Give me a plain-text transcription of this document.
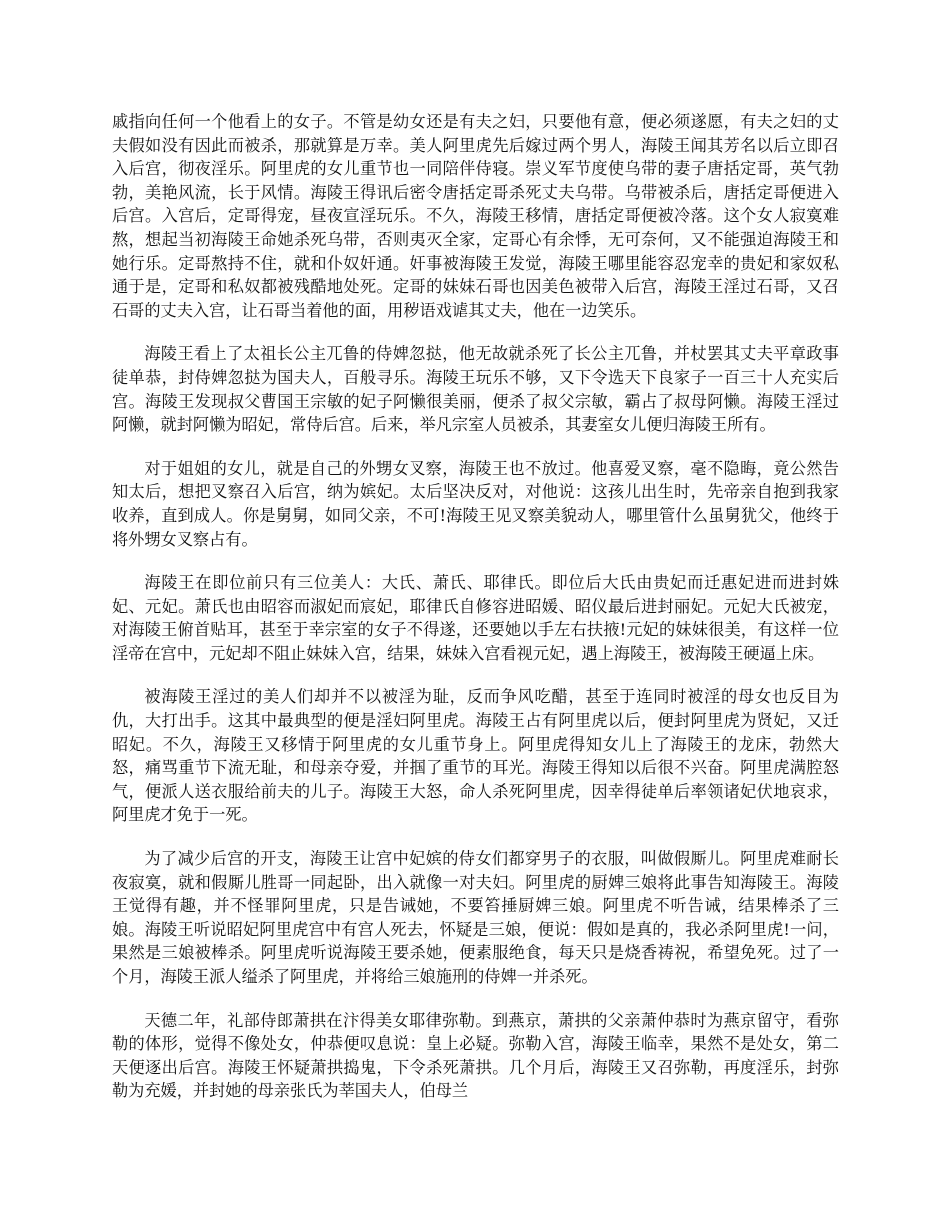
戚指向任何一个他看上的女子。不管是幼女还是有夫之妇，只要他有意，便必须遂愿，有夫之妇的丈夫假如没有因此而被杀，那就算是万幸。美人阿里虎先后嫁过两个男人，海陵王闻其芳名以后立即召入后宫，彻夜淫乐。阿里虎的女儿重节也一同陪伴侍寝。崇义军节度使乌带的妻子唐括定哥，英气勃勃，美艳风流，长于风情。海陵王得讯后密令唐括定哥杀死丈夫乌带。乌带被杀后，唐括定哥便进入后宫。入宫后，定哥得宠，昼夜宣淫玩乐。不久，海陵王移情，唐括定哥便被冷落。这个女人寂寞难熬，想起当初海陵王命她杀死乌带，否则夷灭全家，定哥心有余悸，无可奈何，又不能强迫海陵王和她行乐。定哥熬持不住，就和仆奴奸通。奸事被海陵王发觉，海陵王哪里能容忍宠幸的贵妃和家奴私通于是，定哥和私奴都被残酷地处死。定哥的妹妹石哥也因美色被带入后宫，海陵王淫过石哥，又召石哥的丈夫入宫，让石哥当着他的面，用秽语戏谑其丈夫，他在一边笑乐。

海陵王看上了太祖长公主兀鲁的侍婢忽挞，他无故就杀死了长公主兀鲁，并杖罢其丈夫平章政事徒单恭，封侍婢忽挞为国夫人，百般寻乐。海陵王玩乐不够，又下令选天下良家子一百三十人充实后宫。海陵王发现叔父曹国王宗敏的妃子阿懒很美丽，便杀了叔父宗敏，霸占了叔母阿懒。海陵王淫过阿懒，就封阿懒为昭妃，常侍后宫。后来，举凡宗室人员被杀，其妻室女儿便归海陵王所有。

对于姐姐的女儿，就是自己的外甥女叉察，海陵王也不放过。他喜爱叉察，毫不隐晦，竟公然告知太后，想把叉察召入后宫，纳为嫔妃。太后坚决反对，对他说：这孩儿出生时，先帝亲自抱到我家收养，直到成人。你是舅舅，如同父亲，不可!海陵王见叉察美貌动人，哪里管什么虽舅犹父，他终于将外甥女叉察占有。

海陵王在即位前只有三位美人：大氏、萧氏、耶律氏。即位后大氏由贵妃而迁惠妃进而进封姝妃、元妃。萧氏也由昭容而淑妃而宸妃，耶律氏自修容进昭媛、昭仪最后进封丽妃。元妃大氏被宠，对海陵王俯首贴耳，甚至于幸宗室的女子不得遂，还要她以手左右扶掖!元妃的妹妹很美，有这样一位淫帝在宫中，元妃却不阻止妹妹入宫，结果，妹妹入宫看视元妃，遇上海陵王，被海陵王硬逼上床。

被海陵王淫过的美人们却并不以被淫为耻，反而争风吃醋，甚至于连同时被淫的母女也反目为仇，大打出手。这其中最典型的便是淫妇阿里虎。海陵王占有阿里虎以后，便封阿里虎为贤妃，又迁昭妃。不久，海陵王又移情于阿里虎的女儿重节身上。阿里虎得知女儿上了海陵王的龙床，勃然大怒，痛骂重节下流无耻，和母亲夺爱，并掴了重节的耳光。海陵王得知以后很不兴奋。阿里虎满腔怒气，便派人送衣服给前夫的儿子。海陵王大怒，命人杀死阿里虎，因幸得徒单后率领诸妃伏地哀求，阿里虎才免于一死。

为了减少后宫的开支，海陵王让宫中妃嫔的侍女们都穿男子的衣服，叫做假厮儿。阿里虎难耐长夜寂寞，就和假厮儿胜哥一同起卧，出入就像一对夫妇。阿里虎的厨婢三娘将此事告知海陵王。海陵王觉得有趣，并不怪罪阿里虎，只是告诫她，不要笞捶厨婢三娘。阿里虎不听告诫，结果棒杀了三娘。海陵王听说昭妃阿里虎宫中有宫人死去，怀疑是三娘，便说：假如是真的，我必杀阿里虎!一问，果然是三娘被棒杀。阿里虎听说海陵王要杀她，便素服绝食，每天只是烧香祷祝，希望免死。过了一个月，海陵王派人缢杀了阿里虎，并将给三娘施刑的侍婢一并杀死。

天德二年，礼部侍郎萧拱在汴得美女耶律弥勒。到燕京，萧拱的父亲萧仲恭时为燕京留守，看弥勒的体形，觉得不像处女，仲恭便叹息说：皇上必疑。弥勒入宫，海陵王临幸，果然不是处女，第二天便逐出后宫。海陵王怀疑萧拱捣鬼，下令杀死萧拱。几个月后，海陵王又召弥勒，再度淫乐，封弥勒为充媛，并封她的母亲张氏为莘国夫人，伯母兰
